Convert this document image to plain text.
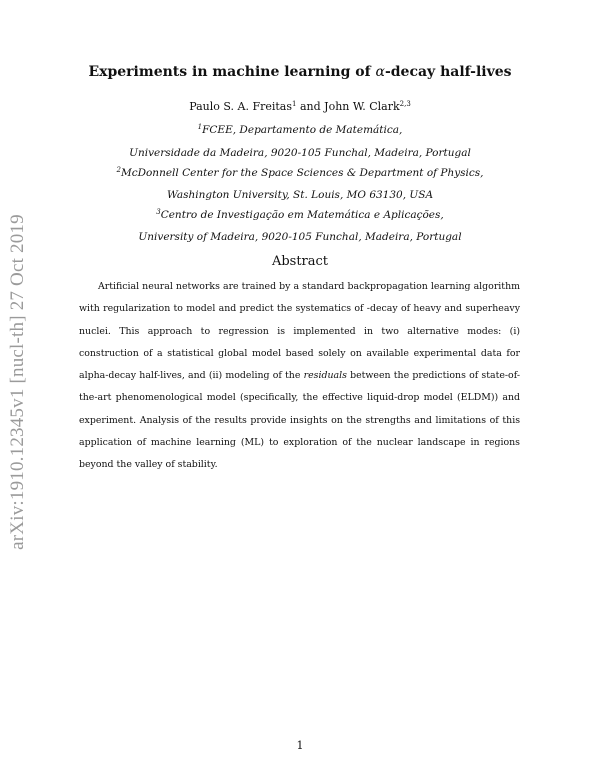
arXiv:1910.12345v1 [nucl-th] 27 Oct 2019
Experiments in machine learning of α-decay half-lives
Paulo S. A. Freitas$^1$ and John W. Clark$^{2,3}$
$^1$FCEE, Departamento de Matemática,
Universidade da Madeira, 9020-105 Funchal, Madeira, Portugal
$^2$McDonnell Center for the Space Sciences & Department of Physics,
Washington University, St. Louis, MO 63130, USA
$^3$Centro de Investigação em Matemática e Aplicações,
University of Madeira, 9020-105 Funchal, Madeira, Portugal
Abstract
Artificial neural networks are trained by a standard backpropagation learning algorithm with regularization to model and predict the systematics of -decay of heavy and superheavy nuclei. This approach to regression is implemented in two alternative modes: (i) construction of a statistical global model based solely on available experimental data for alpha-decay half-lives, and (ii) modeling of the residuals between the predictions of state-of-the-art phenomenological model (specifically, the effective liquid-drop model (ELDM)) and experiment. Analysis of the results provide insights on the strengths and limitations of this application of machine learning (ML) to exploration of the nuclear landscape in regions beyond the valley of stability.
1
